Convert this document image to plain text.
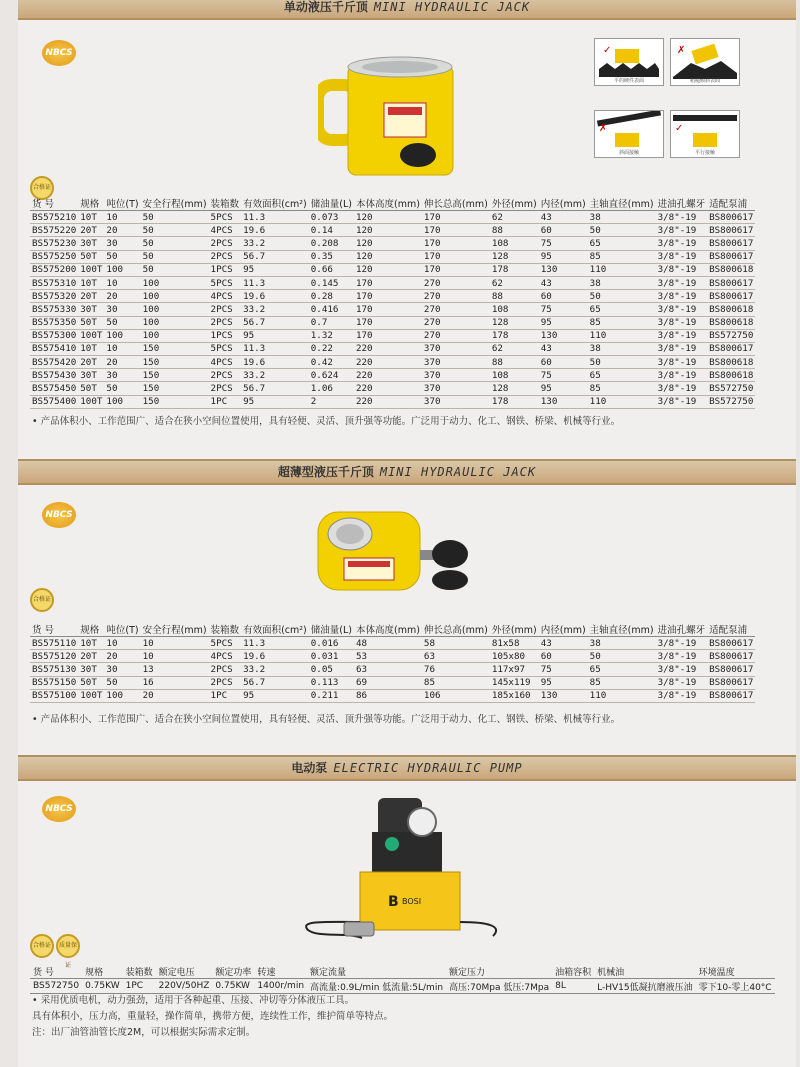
单动液压千斤顶 MINI HYDRAULIC JACK
NBCS	✓
平的硬件表面
✗
粗糙倾斜表面
✗
斜面接触
✓
平行接触
合格证
货 号	规格	吨位(T)	安全行程(mm)	装箱数	有效面积(cm²)	储油量(L)	本体高度(mm)	伸长总高(mm)	外径(mm)	内径(mm)	主轴直径(mm)	进油孔螺牙	适配泵浦
BS575210	10T	10	50	5PCS	11.3	0.073	120	170	62	43	38	3/8"-19	BS800617
BS575220	20T	20	50	4PCS	19.6	0.14	120	170	88	60	50	3/8"-19	BS800617
BS575230	30T	30	50	2PCS	33.2	0.208	120	170	108	75	65	3/8"-19	BS800617
BS575250	50T	50	50	2PCS	56.7	0.35	120	170	128	95	85	3/8"-19	BS800617
BS575200	100T	100	50	1PCS	95	0.66	120	170	178	130	110	3/8"-19	BS800618
BS575310	10T	10	100	5PCS	11.3	0.145	170	270	62	43	38	3/8"-19	BS800617
BS575320	20T	20	100	4PCS	19.6	0.28	170	270	88	60	50	3/8"-19	BS800617
BS575330	30T	30	100	2PCS	33.2	0.416	170	270	108	75	65	3/8"-19	BS800618
BS575350	50T	50	100	2PCS	56.7	0.7	170	270	128	95	85	3/8"-19	BS800618
BS575300	100T	100	100	1PCS	95	1.32	170	270	178	130	110	3/8"-19	BS572750
BS575410	10T	10	150	5PCS	11.3	0.22	220	370	62	43	38	3/8"-19	BS800617
BS575420	20T	20	150	4PCS	19.6	0.42	220	370	88	60	50	3/8"-19	BS800618
BS575430	30T	30	150	2PCS	33.2	0.624	220	370	108	75	65	3/8"-19	BS800618
BS575450	50T	50	150	2PCS	56.7	1.06	220	370	128	95	85	3/8"-19	BS572750
BS575400	100T	100	150	1PC	95	2	220	370	178	130	110	3/8"-19	BS572750
• 产品体积小、工作范围广、适合在狭小空间位置使用，具有轻便、灵活、顶升强等功能。广泛用于动力、化工、钢铁、桥梁、机械等行业。
超薄型液压千斤顶 MINI HYDRAULIC JACK
NBCS
合格证
货 号	规格	吨位(T)	安全行程(mm)	装箱数	有效面积(cm²)	储油量(L)	本体高度(mm)	伸长总高(mm)	外径(mm)	内径(mm)	主轴直径(mm)	进油孔螺牙	适配泵浦
BS575110	10T	10	10	5PCS	11.3	0.016	48	58	81x58	43	38	3/8"-19	BS800617
BS575120	20T	20	10	4PCS	19.6	0.031	53	63	105x80	60	50	3/8"-19	BS800617
BS575130	30T	30	13	2PCS	33.2	0.05	63	76	117x97	75	65	3/8"-19	BS800617
BS575150	50T	50	16	2PCS	56.7	0.113	69	85	145x119	95	85	3/8"-19	BS800617
BS575100	100T	100	20	1PC	95	0.211	86	106	185x160	130	110	3/8"-19	BS800617
• 产品体积小、工作范围广、适合在狭小空间位置使用，具有轻便、灵活、顶升强等功能。广泛用于动力、化工、钢铁、桥梁、机械等行业。
电动泵 ELECTRIC HYDRAULIC PUMP
NBCS
B BOSI
合格证	质量保证
货 号	规格	装箱数	额定电压	额定功率	转速	额定流量	额定压力	油箱容积	机械油	环境温度
BS572750	0.75KW	1PC	220V/50HZ	0.75KW	1400r/min	高流量:0.9L/min 低流量:5L/min	高压:70Mpa 低压:7Mpa	8L	L-HV15低凝抗磨液压油	零下10-零上40°C
• 采用优质电机，动力强劲，适用于各种起重、压接、冲切等分体液压工具。
具有体积小，压力高，重量轻，操作简单，携带方便，连续性工作，维护简单等特点。
注：出厂油管油管长度2M，可以根据实际需求定制。
